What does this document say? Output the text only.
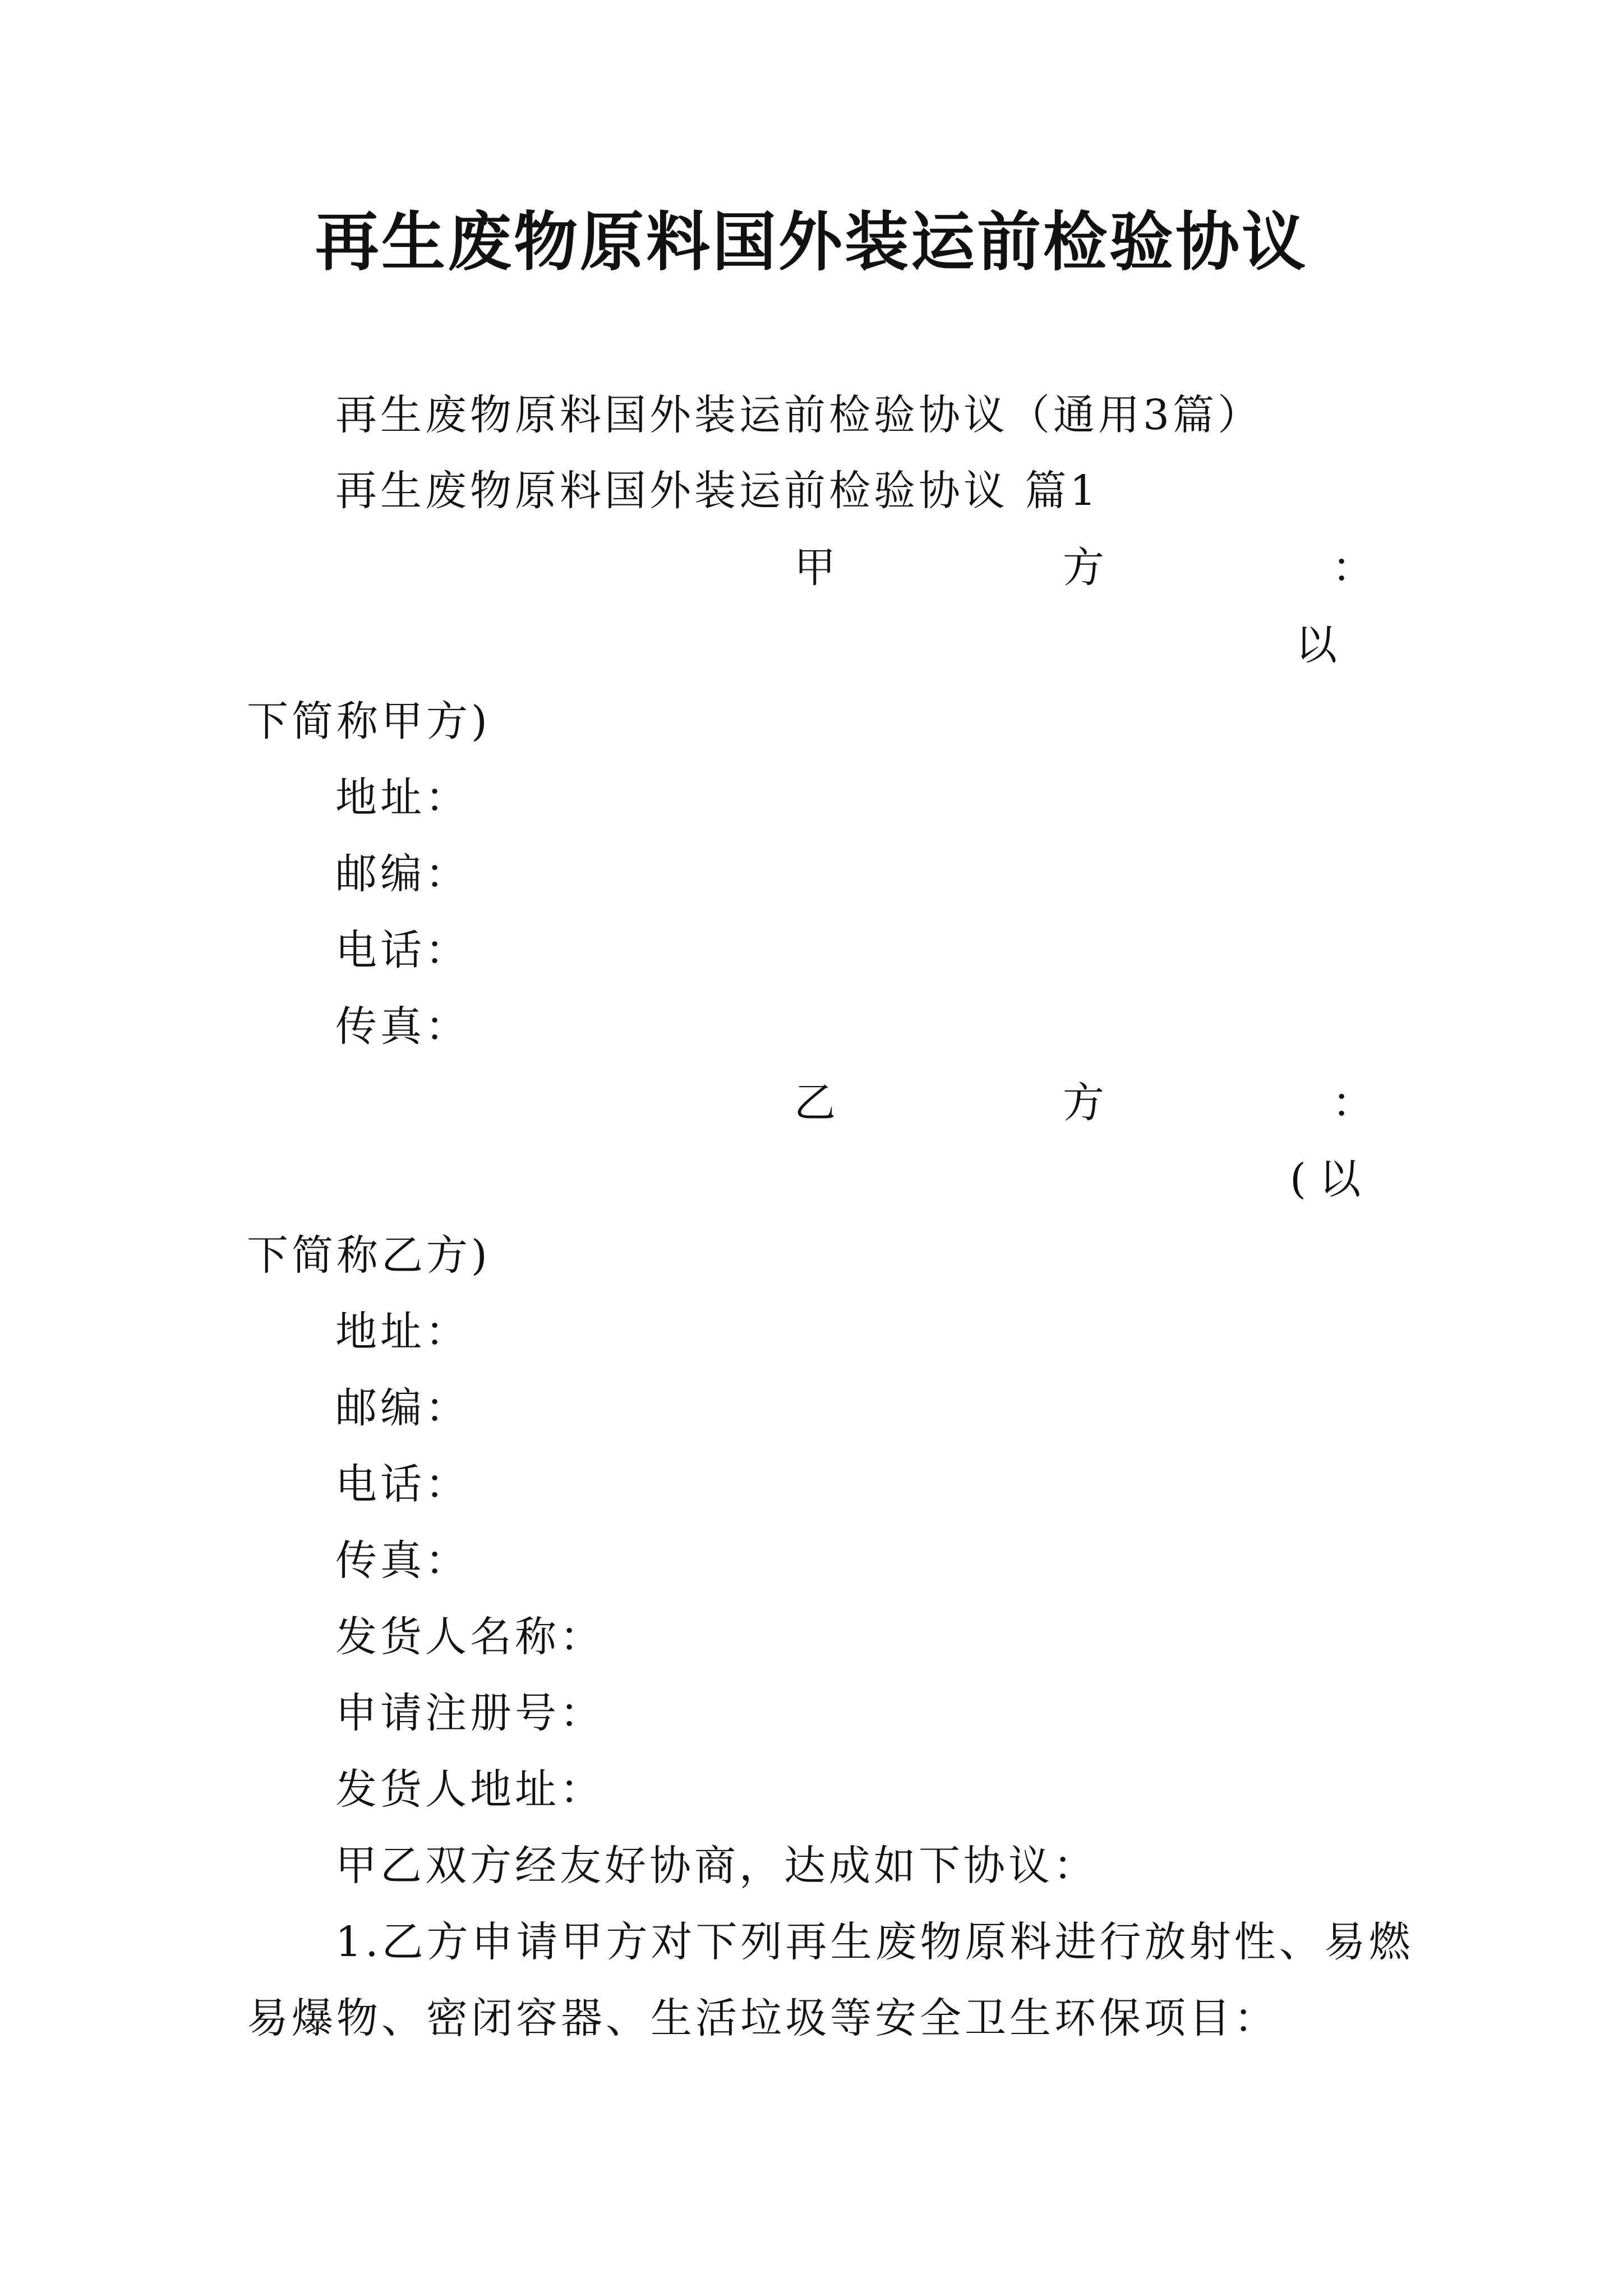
再生废物原料国外装运前检验协议
再生废物原料国外装运前检验协议（通用3篇）
再生废物原料国外装运前检验协议 篇1
甲	方	：
以
下简称甲方)
地址：
邮编：
电话：
传真：
乙	方	：
( 以
下简称乙方)
地址：
邮编：
电话：
传真：
发货人名称：
申请注册号：
发货人地址：
甲乙双方经友好协商，达成如下协议：
1.乙方申请甲方对下列再生废物原料进行放射性、易燃
易爆物、密闭容器、生活垃圾等安全卫生环保项目：
